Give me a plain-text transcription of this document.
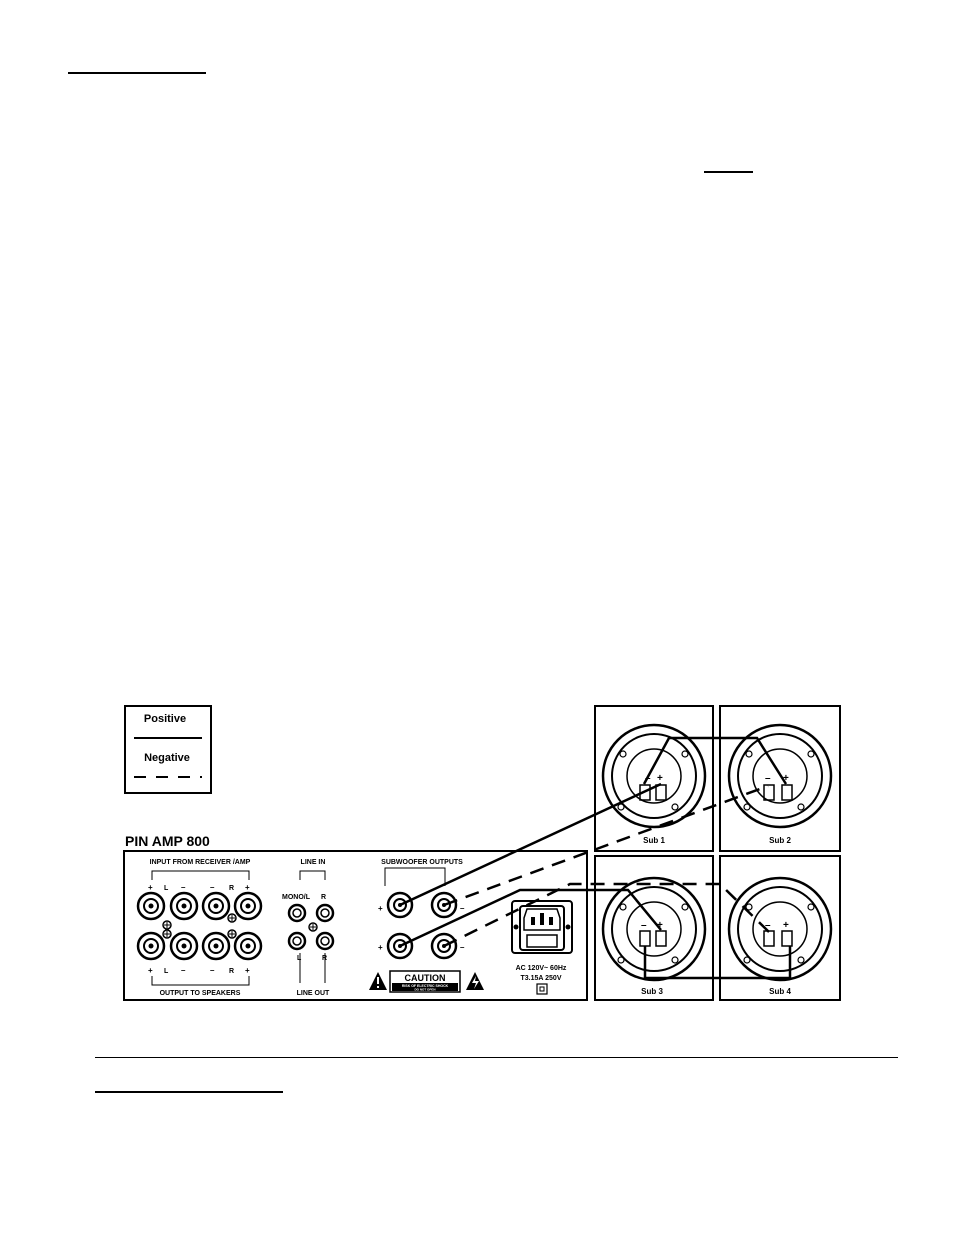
Positive
Negative
PIN AMP 800
INPUT FROM RECEIVER /AMP
+ L –	– R +
+ L –	– R +
OUTPUT TO SPEAKERS
LINE IN
MONO/L R
L	R
LINE OUT
SUBWOOFER OUTPUTS
+	–
+	–
CAUTION
RISK OF ELECTRIC SHOCK
DO NOT OPEN
AC 120V~ 60Hz
T3.15A 250V
– +
Sub 1
– +
Sub 2
– +
Sub 3
– +
Sub 4
